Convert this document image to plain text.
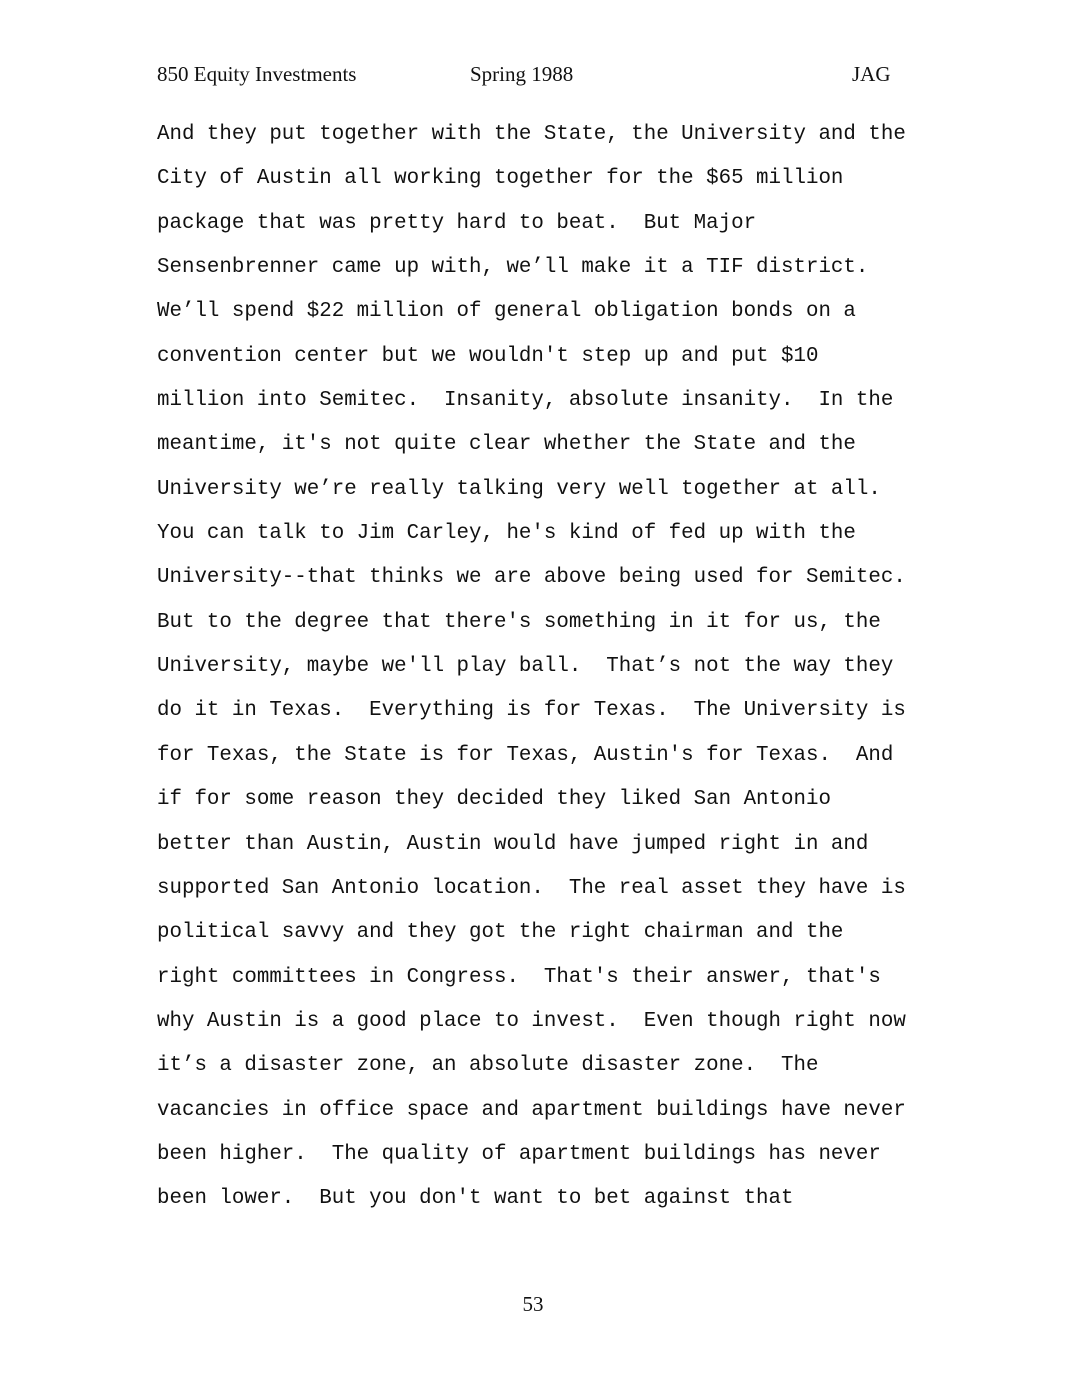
850 Equity Investments	Spring 1988	JAG
And they put together with the State, the University and the
City of Austin all working together for the $65 million
package that was pretty hard to beat.  But Major
Sensenbrenner came up with, we’ll make it a TIF district.
We’ll spend $22 million of general obligation bonds on a
convention center but we wouldn't step up and put $10
million into Semitec.  Insanity, absolute insanity.  In the
meantime, it's not quite clear whether the State and the
University we’re really talking very well together at all.
You can talk to Jim Carley, he's kind of fed up with the
University--that thinks we are above being used for Semitec.
But to the degree that there's something in it for us, the
University, maybe we'll play ball.  That’s not the way they
do it in Texas.  Everything is for Texas.  The University is
for Texas, the State is for Texas, Austin's for Texas.  And
if for some reason they decided they liked San Antonio
better than Austin, Austin would have jumped right in and
supported San Antonio location.  The real asset they have is
political savvy and they got the right chairman and the
right committees in Congress.  That's their answer, that's
why Austin is a good place to invest.  Even though right now
it’s a disaster zone, an absolute disaster zone.  The
vacancies in office space and apartment buildings have never
been higher.  The quality of apartment buildings has never
been lower.  But you don't want to bet against that
53
